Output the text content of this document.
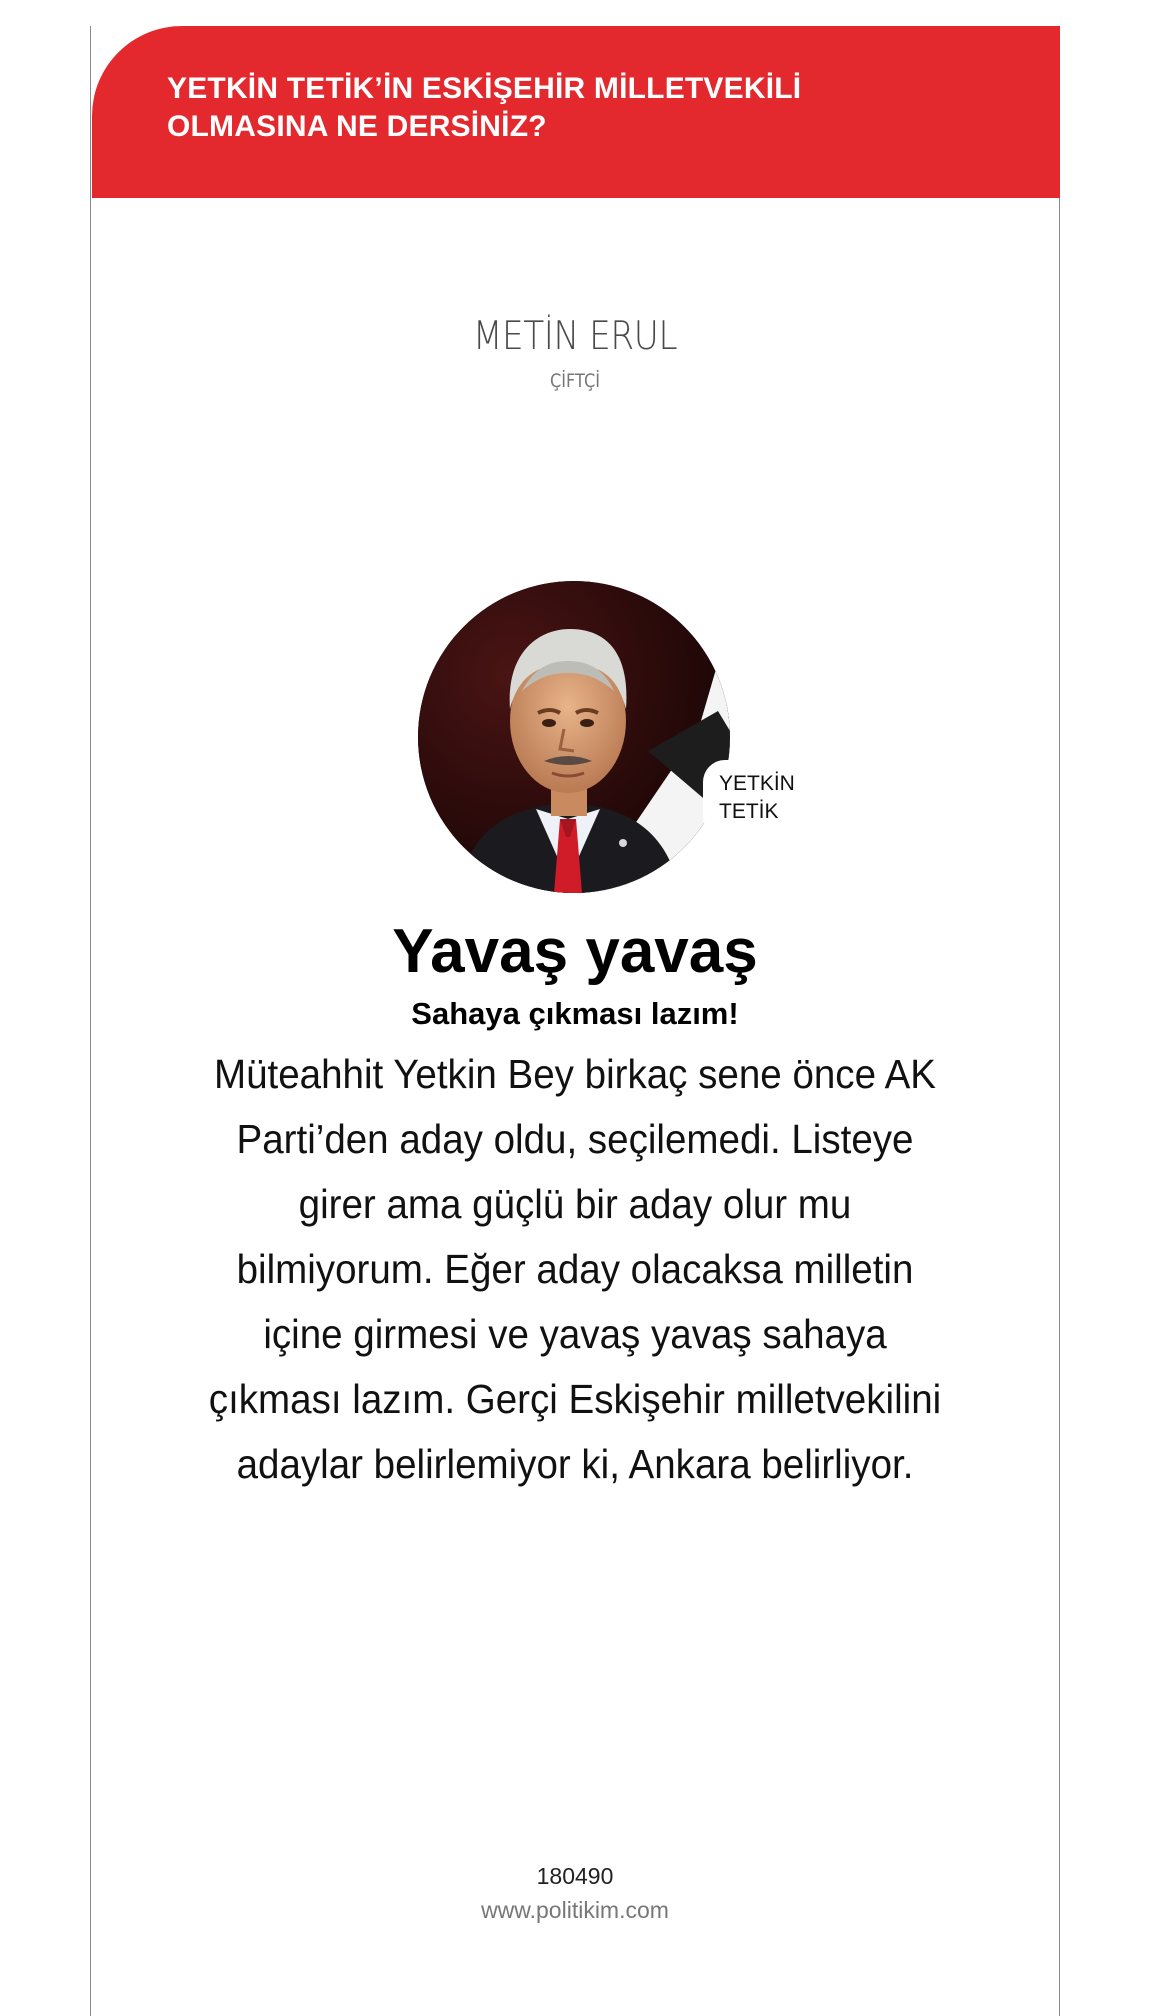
YETKİN TETİK’İN ESKİŞEHİR MİLLETVEKİLİ
OLMASINA NE DERSİNİZ?
METİN ERUL
ÇİFTÇİ
YETKİN
TETİK
Yavaş yavaş
Sahaya çıkması lazım!
Müteahhit Yetkin Bey birkaç sene önce AK Parti’den aday oldu, seçilemedi. Listeye girer ama güçlü bir aday olur mu bilmiyorum. Eğer aday olacaksa milletin içine girmesi ve yavaş yavaş sahaya çıkması lazım. Gerçi Eskişehir milletvekilini adaylar belirlemiyor ki, Ankara belirliyor.
180490
www.politikim.com
